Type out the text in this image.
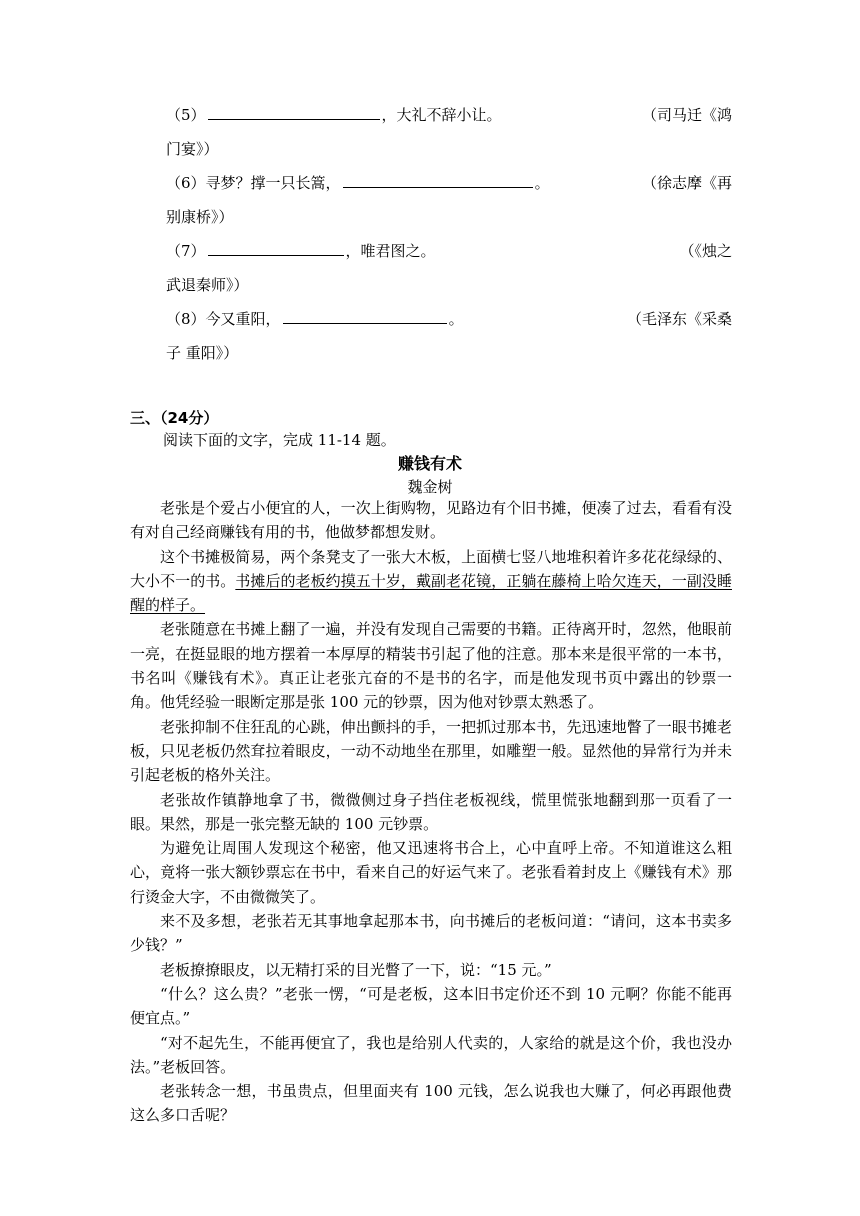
（5）	，大礼不辞小让。	（司马迁《鸿
门宴》）
（6） 寻梦？撑一只长篙，	。	（徐志摩《再
别康桥》）
（7）	，唯君图之。	（《烛之
武退秦师》）
（8） 今又重阳，	。	（毛泽东《采桑
子 重阳》）
三、（24分）
阅读下面的文字，完成 11-14 题。
赚钱有术
魏金树

老张是个爱占小便宜的人，一次上街购物，见路边有个旧书摊，便凑了过去，看看有没有对自己经商赚钱有用的书，他做梦都想发财。

这个书摊极简易，两个条凳支了一张大木板，上面横七竖八地堆积着许多花花绿绿的、大小不一的书。书摊后的老板约摸五十岁，戴副老花镜，正躺在藤椅上哈欠连天，一副没睡醒的样子。

老张随意在书摊上翻了一遍，并没有发现自己需要的书籍。正待离开时，忽然，他眼前一亮，在挺显眼的地方摆着一本厚厚的精装书引起了他的注意。那本来是很平常的一本书，书名叫《赚钱有术》。真正让老张亢奋的不是书的名字，而是他发现书页中露出的钞票一角。他凭经验一眼断定那是张 100 元的钞票，因为他对钞票太熟悉了。

老张抑制不住狂乱的心跳，伸出颤抖的手，一把抓过那本书，先迅速地瞥了一眼书摊老板，只见老板仍然耷拉着眼皮，一动不动地坐在那里，如雕塑一般。显然他的异常行为并未引起老板的格外关注。

老张故作镇静地拿了书，微微侧过身子挡住老板视线，慌里慌张地翻到那一页看了一眼。果然，那是一张完整无缺的 100 元钞票。

为避免让周围人发现这个秘密，他又迅速将书合上，心中直呼上帝。不知道谁这么粗心，竟将一张大额钞票忘在书中，看来自己的好运气来了。老张看着封皮上《赚钱有术》那行烫金大字，不由微微笑了。

来不及多想，老张若无其事地拿起那本书，向书摊后的老板问道：“请问，这本书卖多少钱？”

老板撩撩眼皮，以无精打采的目光瞥了一下，说：“15 元。”

“什么？这么贵？”老张一愣，“可是老板，这本旧书定价还不到 10 元啊？你能不能再便宜点。”

“对不起先生，不能再便宜了，我也是给别人代卖的，人家给的就是这个价，我也没办法。”老板回答。

老张转念一想，书虽贵点，但里面夹有 100 元钱，怎么说我也大赚了，何必再跟他费这么多口舌呢？
